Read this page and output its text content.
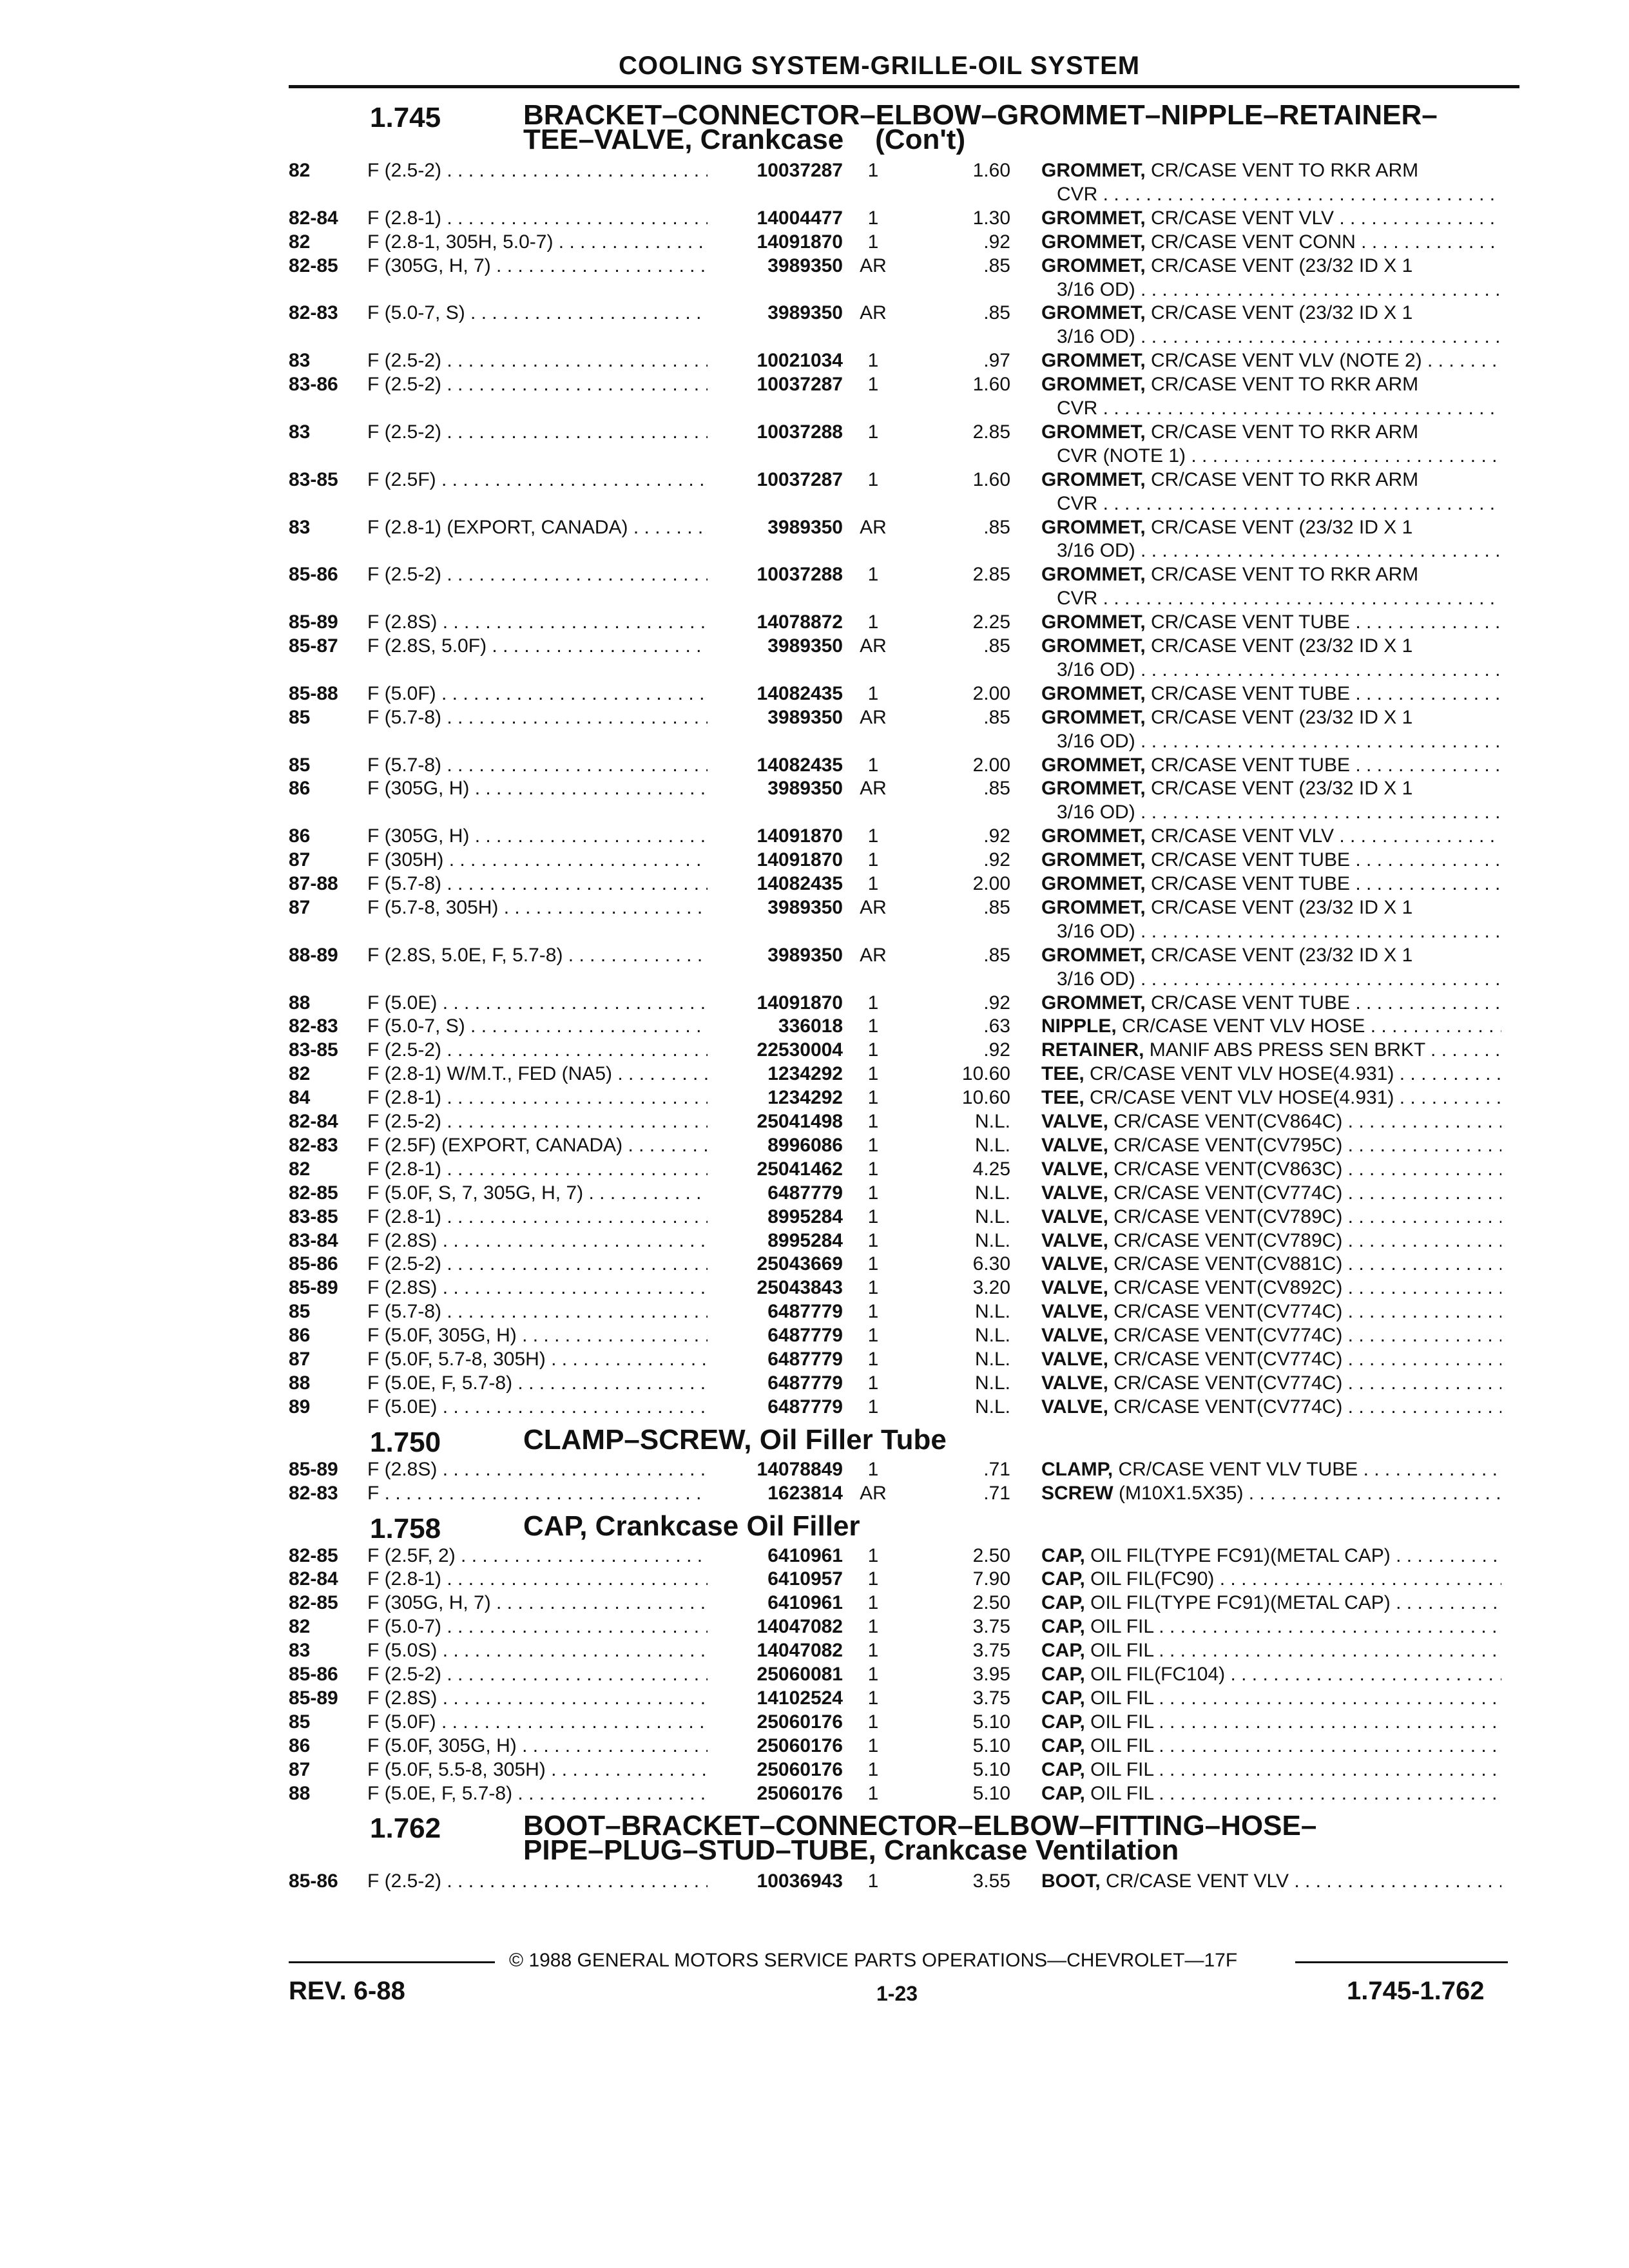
COOLING SYSTEM-GRILLE-OIL SYSTEM
1.745	BRACKET–CONNECTOR–ELBOW–GROMMET–NIPPLE–RETAINER–
TEE–VALVE, Crankcase    (Con't)
82	F (2.5-2) . . .	10037287	1	1.60 GROMMET, CR/CASE VENT TO RKR ARM
CVR . . .
82-84 F (2.8-1) . . .	14004477	1	1.30 GROMMET, CR/CASE VENT VLV . . .
82	F (2.8-1, 305H, 5.0-7) . . .	14091870	1	.92 GROMMET, CR/CASE VENT CONN . . .
82-85 F (305G, H, 7) . . .	3989350 AR	.85 GROMMET, CR/CASE VENT (23/32 ID X 1
3/16 OD) . . .
82-83 F (5.0-7, S) . . .	3989350 AR	.85 GROMMET, CR/CASE VENT (23/32 ID X 1
3/16 OD) . . .
83	F (2.5-2) . . .	10021034	1	.97 GROMMET, CR/CASE VENT VLV (NOTE 2) . . .
83-86 F (2.5-2) . . .	10037287	1	1.60 GROMMET, CR/CASE VENT TO RKR ARM
CVR . . .
83	F (2.5-2) . . .	10037288	1	2.85 GROMMET, CR/CASE VENT TO RKR ARM
CVR (NOTE 1) . . .
83-85 F (2.5F) . . .	10037287	1	1.60 GROMMET, CR/CASE VENT TO RKR ARM
CVR . . .
83	F (2.8-1) (EXPORT, CANADA) . . .	3989350 AR	.85 GROMMET, CR/CASE VENT (23/32 ID X 1
3/16 OD) . . .
85-86 F (2.5-2) . . .	10037288	1	2.85 GROMMET, CR/CASE VENT TO RKR ARM
CVR . . .
85-89 F (2.8S) . . .	14078872	1	2.25 GROMMET, CR/CASE VENT TUBE . . .
85-87 F (2.8S, 5.0F) . . .	3989350 AR	.85 GROMMET, CR/CASE VENT (23/32 ID X 1
3/16 OD) . . .
85-88 F (5.0F) . . .	14082435	1	2.00 GROMMET, CR/CASE VENT TUBE . . .
85	F (5.7-8) . . .	3989350 AR	.85 GROMMET, CR/CASE VENT (23/32 ID X 1
3/16 OD) . . .
85	F (5.7-8) . . .	14082435	1	2.00 GROMMET, CR/CASE VENT TUBE . . .
86	F (305G, H) . . .	3989350 AR	.85 GROMMET, CR/CASE VENT (23/32 ID X 1
3/16 OD) . . .
86	F (305G, H) . . .	14091870	1	.92 GROMMET, CR/CASE VENT VLV . . .
87	F (305H) . . .	14091870	1	.92 GROMMET, CR/CASE VENT TUBE . . .
87-88 F (5.7-8) . . .	14082435	1	2.00 GROMMET, CR/CASE VENT TUBE . . .
87	F (5.7-8, 305H) . . .	3989350 AR	.85 GROMMET, CR/CASE VENT (23/32 ID X 1
3/16 OD) . . .
88-89 F (2.8S, 5.0E, F, 5.7-8) . . .	3989350 AR	.85 GROMMET, CR/CASE VENT (23/32 ID X 1
3/16 OD) . . .
88	F (5.0E) . . .	14091870	1	.92 GROMMET, CR/CASE VENT TUBE . . .
82-83 F (5.0-7, S) . . .	336018	1	.63 NIPPLE, CR/CASE VENT VLV HOSE . . .
83-85 F (2.5-2) . . .	22530004	1	.92 RETAINER, MANIF ABS PRESS SEN BRKT . . .
82	F (2.8-1) W/M.T., FED (NA5) . . .	1234292	1	10.60 TEE, CR/CASE VENT VLV HOSE(4.931) . . .
84	F (2.8-1) . . .	1234292	1	10.60 TEE, CR/CASE VENT VLV HOSE(4.931) . . .
82-84 F (2.5-2) . . .	25041498	1	N.L. VALVE, CR/CASE VENT(CV864C) . . .
82-83 F (2.5F) (EXPORT, CANADA) . . .	8996086	1	N.L. VALVE, CR/CASE VENT(CV795C) . . .
82	F (2.8-1) . . .	25041462	1	4.25 VALVE, CR/CASE VENT(CV863C) . . .
82-85 F (5.0F, S, 7, 305G, H, 7) . . .	6487779	1	N.L. VALVE, CR/CASE VENT(CV774C) . . .
83-85 F (2.8-1) . . .	8995284	1	N.L. VALVE, CR/CASE VENT(CV789C) . . .
83-84 F (2.8S) . . .	8995284	1	N.L. VALVE, CR/CASE VENT(CV789C) . . .
85-86 F (2.5-2) . . .	25043669	1	6.30 VALVE, CR/CASE VENT(CV881C) . . .
85-89 F (2.8S) . . .	25043843	1	3.20 VALVE, CR/CASE VENT(CV892C) . . .
85	F (5.7-8) . . .	6487779	1	N.L. VALVE, CR/CASE VENT(CV774C) . . .
86	F (5.0F, 305G, H) . . .	6487779	1	N.L. VALVE, CR/CASE VENT(CV774C) . . .
87	F (5.0F, 5.7-8, 305H) . . .	6487779	1	N.L. VALVE, CR/CASE VENT(CV774C) . . .
88	F (5.0E, F, 5.7-8) . . .	6487779	1	N.L. VALVE, CR/CASE VENT(CV774C) . . .
89	F (5.0E) . . .	6487779	1	N.L. VALVE, CR/CASE VENT(CV774C) . . .
1.750	CLAMP–SCREW, Oil Filler Tube
85-89 F (2.8S) . . .	14078849	1	.71 CLAMP, CR/CASE VENT VLV TUBE . . .
82-83 F . . .	1623814 AR	.71 SCREW (M10X1.5X35) . . .
1.758	CAP, Crankcase Oil Filler
82-85 F (2.5F, 2) . . .	6410961	1	2.50 CAP, OIL FIL(TYPE FC91)(METAL CAP) . . .
82-84 F (2.8-1) . . .	6410957	1	7.90 CAP, OIL FIL(FC90) . . .
82-85 F (305G, H, 7) . . .	6410961	1	2.50 CAP, OIL FIL(TYPE FC91)(METAL CAP) . . .
82	F (5.0-7) . . .	14047082	1	3.75 CAP, OIL FIL . . .
83	F (5.0S) . . .	14047082	1	3.75 CAP, OIL FIL . . .
85-86 F (2.5-2) . . .	25060081	1	3.95 CAP, OIL FIL(FC104) . . .
85-89 F (2.8S) . . .	14102524	1	3.75 CAP, OIL FIL . . .
85	F (5.0F) . . .	25060176	1	5.10 CAP, OIL FIL . . .
86	F (5.0F, 305G, H) . . .	25060176	1	5.10 CAP, OIL FIL . . .
87	F (5.0F, 5.5-8, 305H) . . .	25060176	1	5.10 CAP, OIL FIL . . .
88	F (5.0E, F, 5.7-8) . . .	25060176	1	5.10 CAP, OIL FIL . . .
1.762	BOOT–BRACKET–CONNECTOR–ELBOW–FITTING–HOSE–
PIPE–PLUG–STUD–TUBE, Crankcase Ventilation
85-86 F (2.5-2) . . .	10036943	1	3.55 BOOT, CR/CASE VENT VLV . . .
© 1988 GENERAL MOTORS SERVICE PARTS OPERATIONS—CHEVROLET—17F
REV. 6-88	1-23	1.745-1.762
